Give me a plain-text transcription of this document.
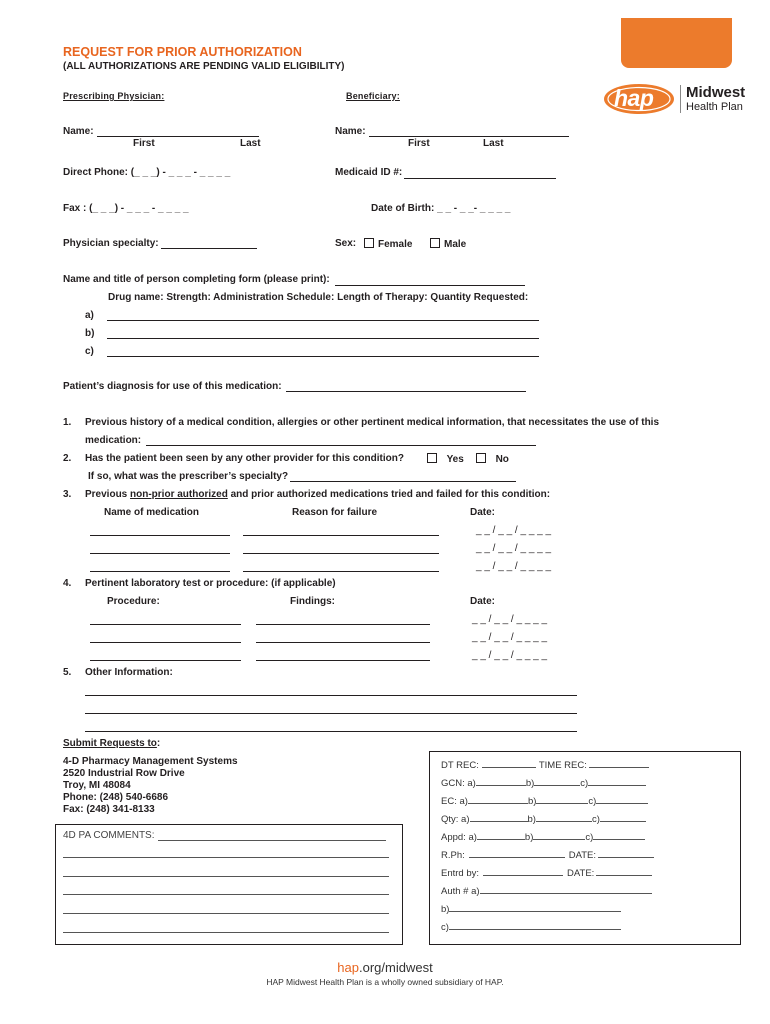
REQUEST FOR PRIOR AUTHORIZATION
(ALL AUTHORIZATIONS ARE PENDING VALID ELIGIBILITY)
hap Midwest
Health Plan
Prescribing Physician:	Beneficiary:
Name:
First	Last
Name:
First	Last
Direct Phone: (_ _ _) - _ _ _ - _ _ _ _	Medicaid ID #:
Fax : (_ _ _) - _ _ _ - _ _ _ _	Date of Birth: _ _ - _ _- _ _ _ _
Physician specialty:	Sex:	Female	Male
Name and title of person completing form (please print):
Drug name: Strength: Administration Schedule: Length of Therapy: Quantity Requested:
a)
b)
c)
Patient’s diagnosis for use of this medication:
1. Previous history of a medical condition, allergies or other pertinent medical information, that necessitates the use of this
medication:
2. Has the patient been seen by any other provider for this condition?	Yes	No
If so, what was the prescriber’s specialty?
3. Previous non-prior authorized and prior authorized medications tried and failed for this condition:
Name of medication	Reason for failure	Date:
_ _ / _ _ / _ _ _ _
_ _ / _ _ / _ _ _ _
_ _ / _ _ / _ _ _ _
4. Pertinent laboratory test or procedure: (if applicable)
Procedure:	Findings:	Date:
_ _ / _ _ / _ _ _ _
_ _ / _ _ / _ _ _ _
_ _ / _ _ / _ _ _ _
5. Other Information:
Submit Requests to:
4-D Pharmacy Management Systems
2520 Industrial Row Drive
Troy, MI 48084
Phone: (248) 540-6686
Fax: (248) 341-8133
4D PA COMMENTS:
DT REC:	TIME REC:
GCN: a)	b)	c)
EC: a)	b)	c)
Qty: a)	b)	c)
Appd: a)	b)	c)
R.Ph:	DATE:
Entrd by:	DATE:
Auth # a)
b)
c)
hap.org/midwest
HAP Midwest Health Plan is a wholly owned subsidiary of HAP.
